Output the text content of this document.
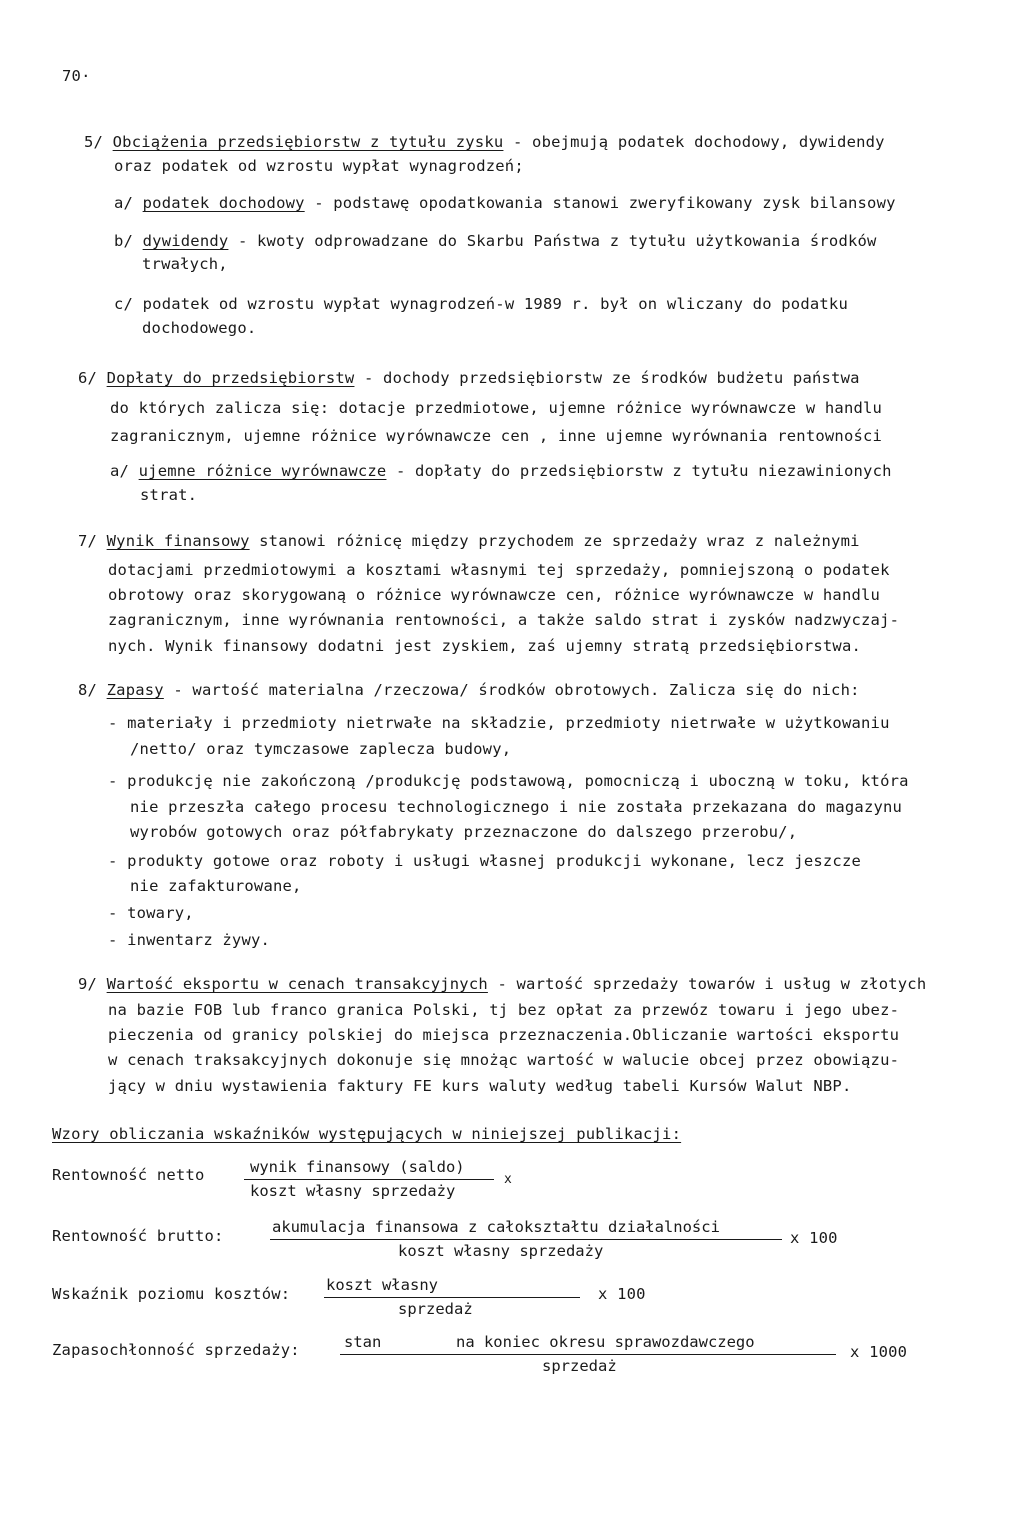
70·
5/ Obciążenia przedsiębiorstw z tytułu zysku - obejmują podatek dochodowy, dywidendy
oraz podatek od wzrostu wypłat wynagrodzeń;
a/ podatek dochodowy - podstawę opodatkowania stanowi zweryfikowany zysk bilansowy
b/ dywidendy - kwoty odprowadzane do Skarbu Państwa z tytułu użytkowania środków
trwałych,
c/ podatek od wzrostu wypłat wynagrodzeń-w 1989 r. był on wliczany do podatku
dochodowego.
6/ Dopłaty do przedsiębiorstw - dochody przedsiębiorstw ze środków budżetu państwa
do których zalicza się: dotacje przedmiotowe, ujemne różnice wyrównawcze w handlu
zagranicznym, ujemne różnice wyrównawcze cen , inne ujemne wyrównania rentowności
a/ ujemne różnice wyrównawcze - dopłaty do przedsiębiorstw z tytułu niezawinionych
strat.
7/ Wynik finansowy stanowi różnicę między przychodem ze sprzedaży wraz z należnymi
dotacjami przedmiotowymi a kosztami własnymi tej sprzedaży, pomniejszoną o podatek
obrotowy oraz skorygowaną o różnice wyrównawcze cen, różnice wyrównawcze w handlu
zagranicznym, inne wyrównania rentowności, a także saldo strat i zysków nadzwyczaj-
nych. Wynik finansowy dodatni jest zyskiem, zaś ujemny stratą przedsiębiorstwa.
8/ Zapasy - wartość materialna /rzeczowa/ środków obrotowych. Zalicza się do nich:
- materiały i przedmioty nietrwałe na składzie, przedmioty nietrwałe w użytkowaniu
/netto/ oraz tymczasowe zaplecza budowy,
- produkcję nie zakończoną /produkcję podstawową, pomocniczą i uboczną w toku, która
nie przeszła całego procesu technologicznego i nie została przekazana do magazynu
wyrobów gotowych oraz półfabrykaty przeznaczone do dalszego przerobu/,
- produkty gotowe oraz roboty i usługi własnej produkcji wykonane, lecz jeszcze
nie zafakturowane,
- towary,
- inwentarz żywy.
9/ Wartość eksportu w cenach transakcyjnych - wartość sprzedaży towarów i usług w złotych
na bazie FOB lub franco granica Polski, tj bez opłat za przewóz towaru i jego ubez-
pieczenia od granicy polskiej do miejsca przeznaczenia.Obliczanie wartości eksportu
w cenach traksakcyjnych dokonuje się mnożąc wartość w walucie obcej przez obowiązu-
jący w dniu wystawienia faktury FE kurs waluty według tabeli Kursów Walut NBP.
Wzory obliczania wskaźników występujących w niniejszej publikacji:
Rentowność netto	wynik finansowy (saldo)
koszt własny sprzedaży
x
Rentowność brutto:	akumulacja finansowa z całokształtu działalności
koszt własny sprzedaży
x 100
Wskaźnik poziomu kosztów: koszt własny
sprzedaż
x 100
Zapasochłonność sprzedaży:	stan        na koniec okresu sprawozdawczego
sprzedaż
x 1000
